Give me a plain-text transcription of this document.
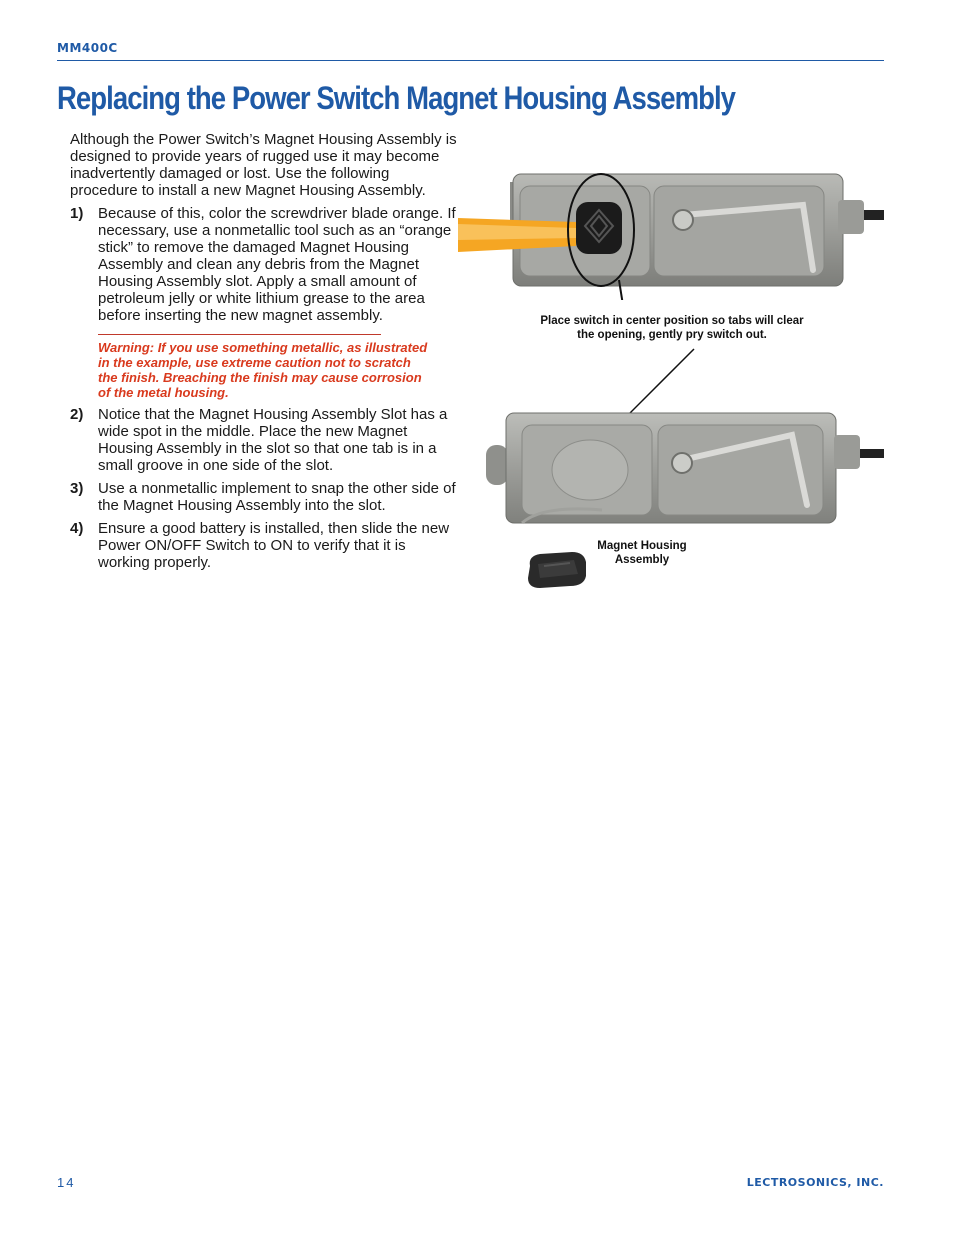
MM400C
Replacing the Power Switch Magnet Housing Assembly

Although the Power Switch’s Magnet Housing Assembly is designed to provide years of rugged use it may become inadvertently damaged or lost. Use the following procedure to install a new Magnet Housing Assembly.

1) Because of this, color the screwdriver blade orange. If necessary, use a nonmetallic tool such as an “orange stick” to remove the damaged Magnet Housing Assembly and clean any debris from the Magnet Housing Assembly slot. Apply a small amount of petroleum jelly or white lithium grease to the area before inserting the new magnet assembly.

Warning: If you use something metallic, as illustrated in the example, use extreme caution not to scratch the finish. Breaching the finish may cause corrosion of the metal housing.

2) Notice that the Magnet Housing Assembly Slot has a wide spot in the middle. Place the new Magnet Housing Assembly in the slot so that one tab is in a small groove in one side of the slot.
3) Use a nonmetallic implement to snap the other side of the Magnet Housing Assembly into the slot.
4) Ensure a good battery is installed, then slide the new Power ON/OFF Switch to ON to verify that it is working properly.
Place switch in center position so tabs will clear the opening, gently pry switch out.
Magnet Housing Assembly
14	LECTROSONICS, INC.
